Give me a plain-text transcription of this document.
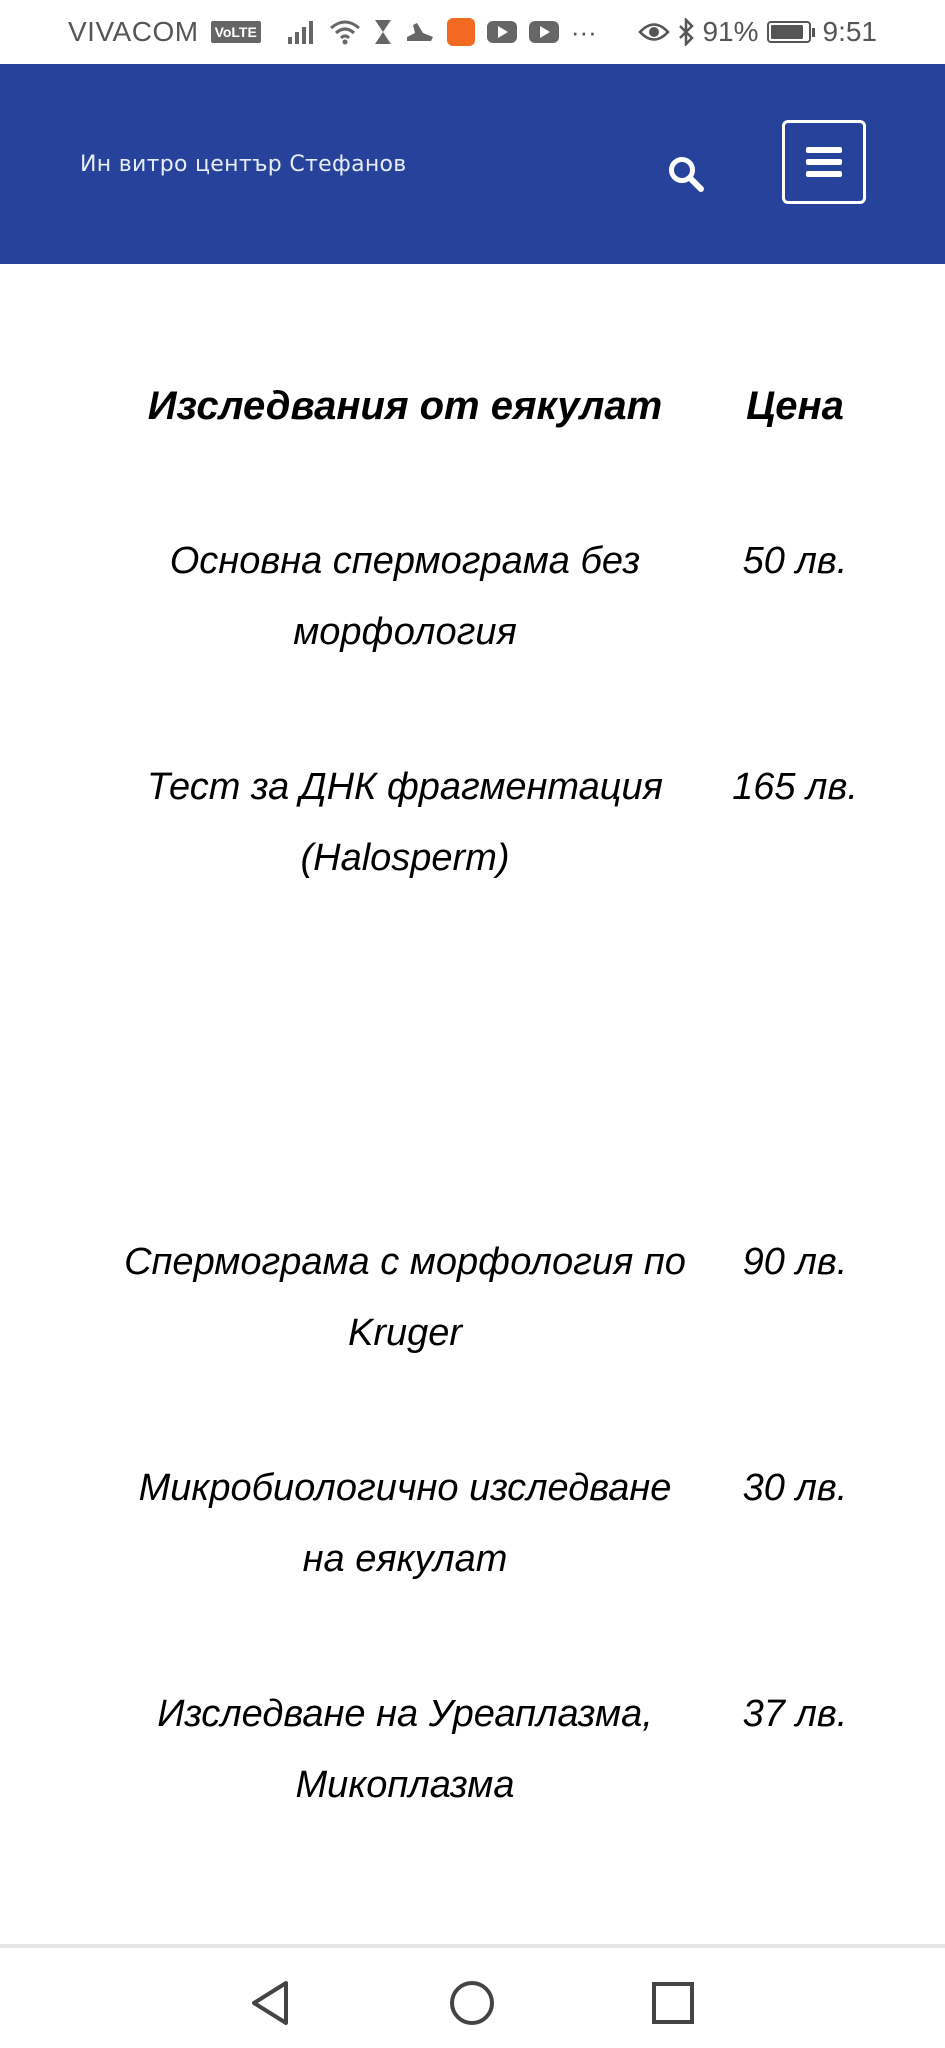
VIVACOM VoLTE	···	91% 9:51
Ин витро център Стефанов
Изследвания от еякулат	Цена
Основна спермограма без морфология
50 лв.
Тест за ДНК фрагментация (Halosperm)
165 лв.
Спермограма с морфология по Kruger
90 лв.
Микробиологично изследване на еякулат
30 лв.
Изследване на Уреаплазма, Микоплазма
37 лв.
